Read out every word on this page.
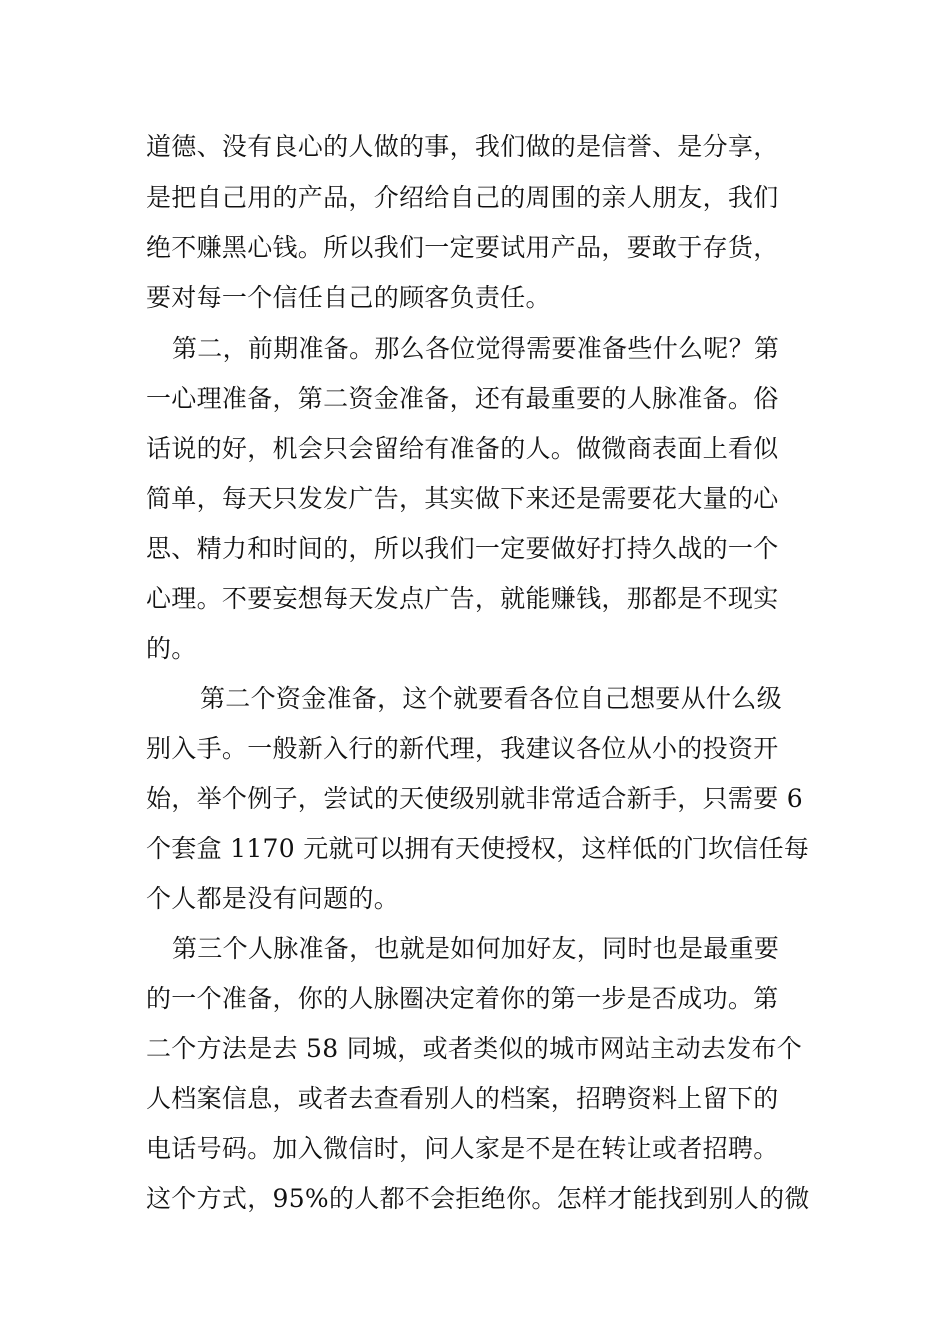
道德、没有良心的人做的事，我们做的是信誉、是分享，
是把自己用的产品，介绍给自己的周围的亲人朋友，我们
绝不赚黑心钱。所以我们一定要试用产品，要敢于存货，
要对每一个信任自己的顾客负责任。
第二，前期准备。那么各位觉得需要准备些什么呢？第
一心理准备，第二资金准备，还有最重要的人脉准备。俗
话说的好，机会只会留给有准备的人。做微商表面上看似
简单，每天只发发广告，其实做下来还是需要花大量的心
思、精力和时间的，所以我们一定要做好打持久战的一个
心理。不要妄想每天发点广告，就能赚钱，那都是不现实
的。
第二个资金准备，这个就要看各位自己想要从什么级
别入手。一般新入行的新代理，我建议各位从小的投资开
始，举个例子，尝试的天使级别就非常适合新手，只需要 6
个套盒 1170 元就可以拥有天使授权，这样低的门坎信任每
个人都是没有问题的。
第三个人脉准备，也就是如何加好友，同时也是最重要
的一个准备，你的人脉圈决定着你的第一步是否成功。第
二个方法是去 58 同城，或者类似的城市网站主动去发布个
人档案信息，或者去查看别人的档案，招聘资料上留下的
电话号码。加入微信时，问人家是不是在转让或者招聘。
这个方式，95%的人都不会拒绝你。怎样才能找到别人的微
